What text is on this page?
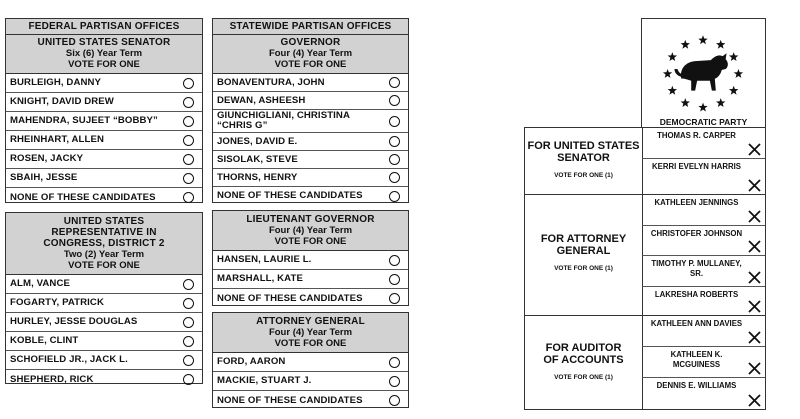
FEDERAL PARTISAN OFFICES
UNITED STATES SENATOR
Six (6) Year Term
VOTE FOR ONE
BURLEIGH, DANNY
KNIGHT, DAVID DREW
MAHENDRA, SUJEET “BOBBY”
RHEINHART, ALLEN
ROSEN, JACKY
SBAIH, JESSE
NONE OF THESE CANDIDATES
UNITED STATES REPRESENTATIVE IN CONGRESS, DISTRICT 2
Two (2) Year Term
VOTE FOR ONE
ALM, VANCE
FOGARTY, PATRICK
HURLEY, JESSE DOUGLAS
KOBLE, CLINT
SCHOFIELD JR., JACK L.
SHEPHERD, RICK
STATEWIDE PARTISAN OFFICES
GOVERNOR
Four (4) Year Term
VOTE FOR ONE
BONAVENTURA, JOHN
DEWAN, ASHEESH
GIUNCHIGLIANI, CHRISTINA “CHRIS G”
JONES, DAVID E.
SISOLAK, STEVE
THORNS, HENRY
NONE OF THESE CANDIDATES
LIEUTENANT GOVERNOR
Four (4) Year Term
VOTE FOR ONE
HANSEN, LAURIE L.
MARSHALL, KATE
NONE OF THESE CANDIDATES
ATTORNEY GENERAL
Four (4) Year Term
VOTE FOR ONE
FORD, AARON
MACKIE, STUART J.
NONE OF THESE CANDIDATES
DEMOCRATIC PARTY
FOR UNITED STATES SENATOR
VOTE FOR ONE (1)
THOMAS R. CARPER
KERRI EVELYN HARRIS
FOR ATTORNEY GENERAL
VOTE FOR ONE (1)
KATHLEEN JENNINGS
CHRISTOFER JOHNSON
TIMOTHY P. MULLANEY, SR.
LAKRESHA ROBERTS
FOR AUDITOR OF ACCOUNTS
VOTE FOR ONE (1)
KATHLEEN ANN DAVIES
KATHLEEN K. MCGUINESS
DENNIS E. WILLIAMS
